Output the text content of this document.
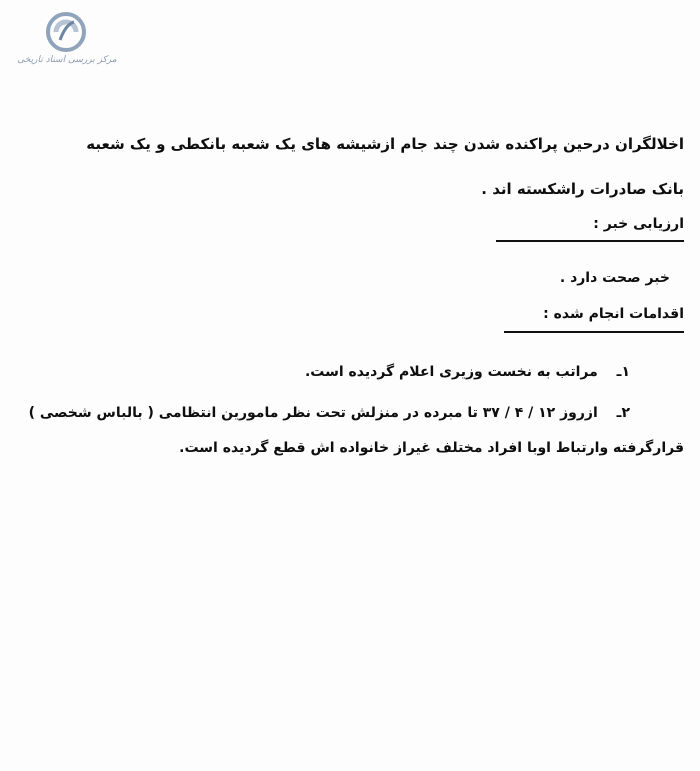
مرکز بررسی اسناد تاریخی
اخلالگران درحین پراکنده شدن چند جام ازشیشه های یک شعبه بانکطی و یک شعبه
بانک صادرات راشکسته اند .
ارزیابی خبر :
خبر صحت دارد .
اقدامات انجام شده :
۱ـ مراتب به نخست وزیری اعلام گردیده است.
۲ـ ازروز ۱۲ / ۴ / ۳۷ تا مبرده در منزلش تحت نظر مامورین انتظامی ( بالباس شخصی )
قرارگرفته وارتباط اوبا افراد مختلف غیراز خانواده اش قطع گردیده است.
